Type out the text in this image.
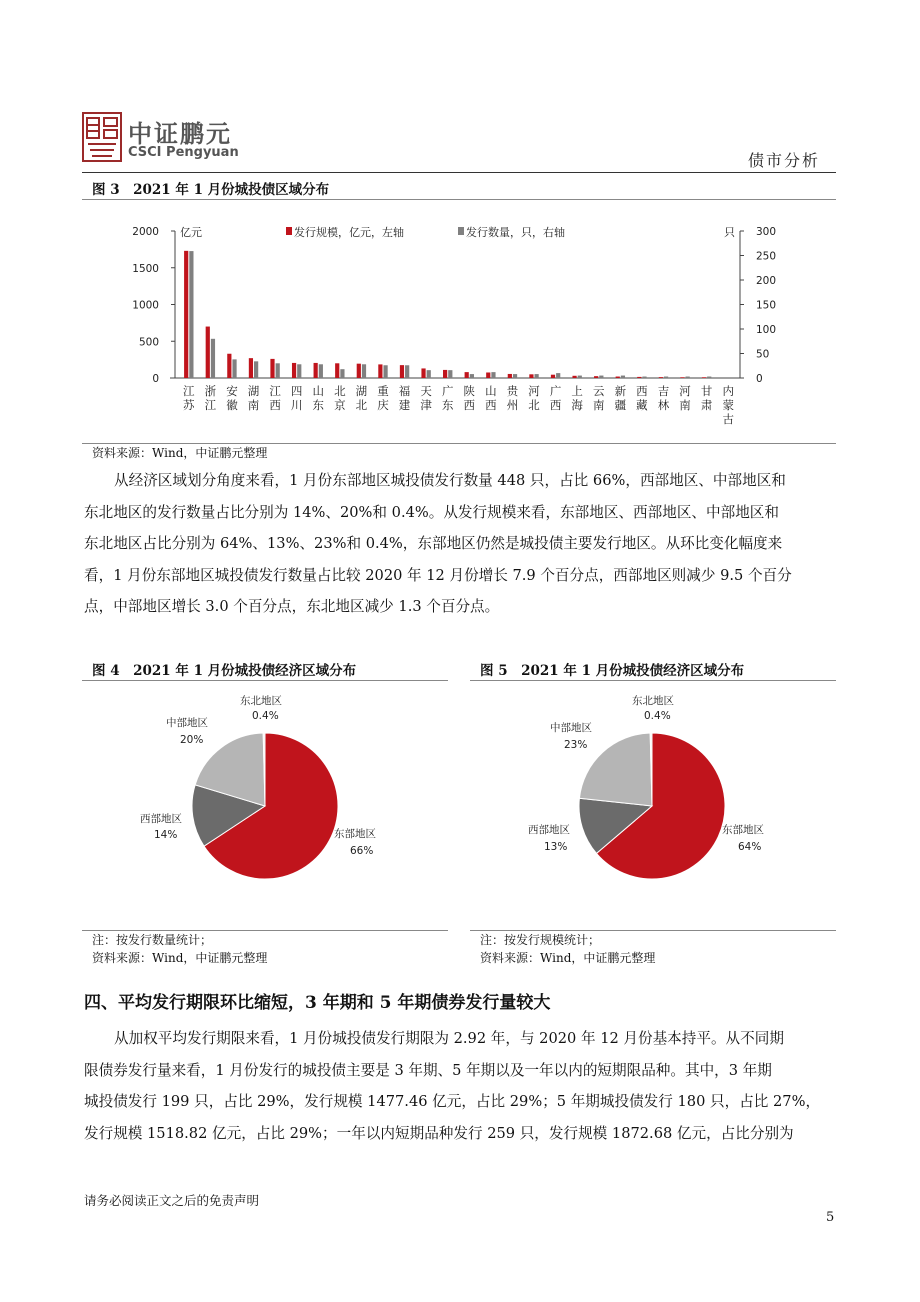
中证鹏元
CSCI Pengyuan	债市分析
图 3　2021 年 1 月份城投债区域分布
0
500
1000
1500
2000
0
50
100
150
200
250
300
亿元	只
发行规模，亿元，左轴	发行数量，只，右轴
江
苏
浙
江
安
徽
湖
南
江
西
四
川
山
东
北
京
湖
北
重
庆
福
建
天
津
广
东
陕
西
山
西
贵
州
河
北
广
西
上
海
云
南
新
疆
西
藏
吉
林
河
南
甘
肃
内
蒙
古
资料来源：Wind，中证鹏元整理
从经济区域划分角度来看，1 月份东部地区城投债发行数量 448 只，占比 66%，西部地区、中部地区和
东北地区的发行数量占比分别为 14%、20%和 0.4%。从发行规模来看，东部地区、西部地区、中部地区和
东北地区占比分别为 64%、13%、23%和 0.4%，东部地区仍然是城投债主要发行地区。从环比变化幅度来
看，1 月份东部地区城投债发行数量占比较 2020 年 12 月份增长 7.9 个百分点，西部地区则减少 9.5 个百分
点，中部地区增长 3.0 个百分点，东北地区减少 1.3 个百分点。
图 4　2021 年 1 月份城投债经济区域分布	图 5　2021 年 1 月份城投债经济区域分布
东北地区
0.4%
中部地区
20%
西部地区
14%	东部地区
66%
东北地区
0.4%
中部地区
23%
西部地区
13%
东部地区
64%
注：按发行数量统计；
资料来源：Wind，中证鹏元整理
注：按发行规模统计；
资料来源：Wind，中证鹏元整理
四、平均发行期限环比缩短，3 年期和 5 年期债券发行量较大
从加权平均发行期限来看，1 月份城投债发行期限为 2.92 年，与 2020 年 12 月份基本持平。从不同期
限债券发行量来看，1 月份发行的城投债主要是 3 年期、5 年期以及一年以内的短期限品种。其中，3 年期
城投债发行 199 只，占比 29%，发行规模 1477.46 亿元，占比 29%；5 年期城投债发行 180 只，占比 27%，
发行规模 1518.82 亿元，占比 29%；一年以内短期品种发行 259 只，发行规模 1872.68 亿元，占比分别为
请务必阅读正文之后的免责声明
5
